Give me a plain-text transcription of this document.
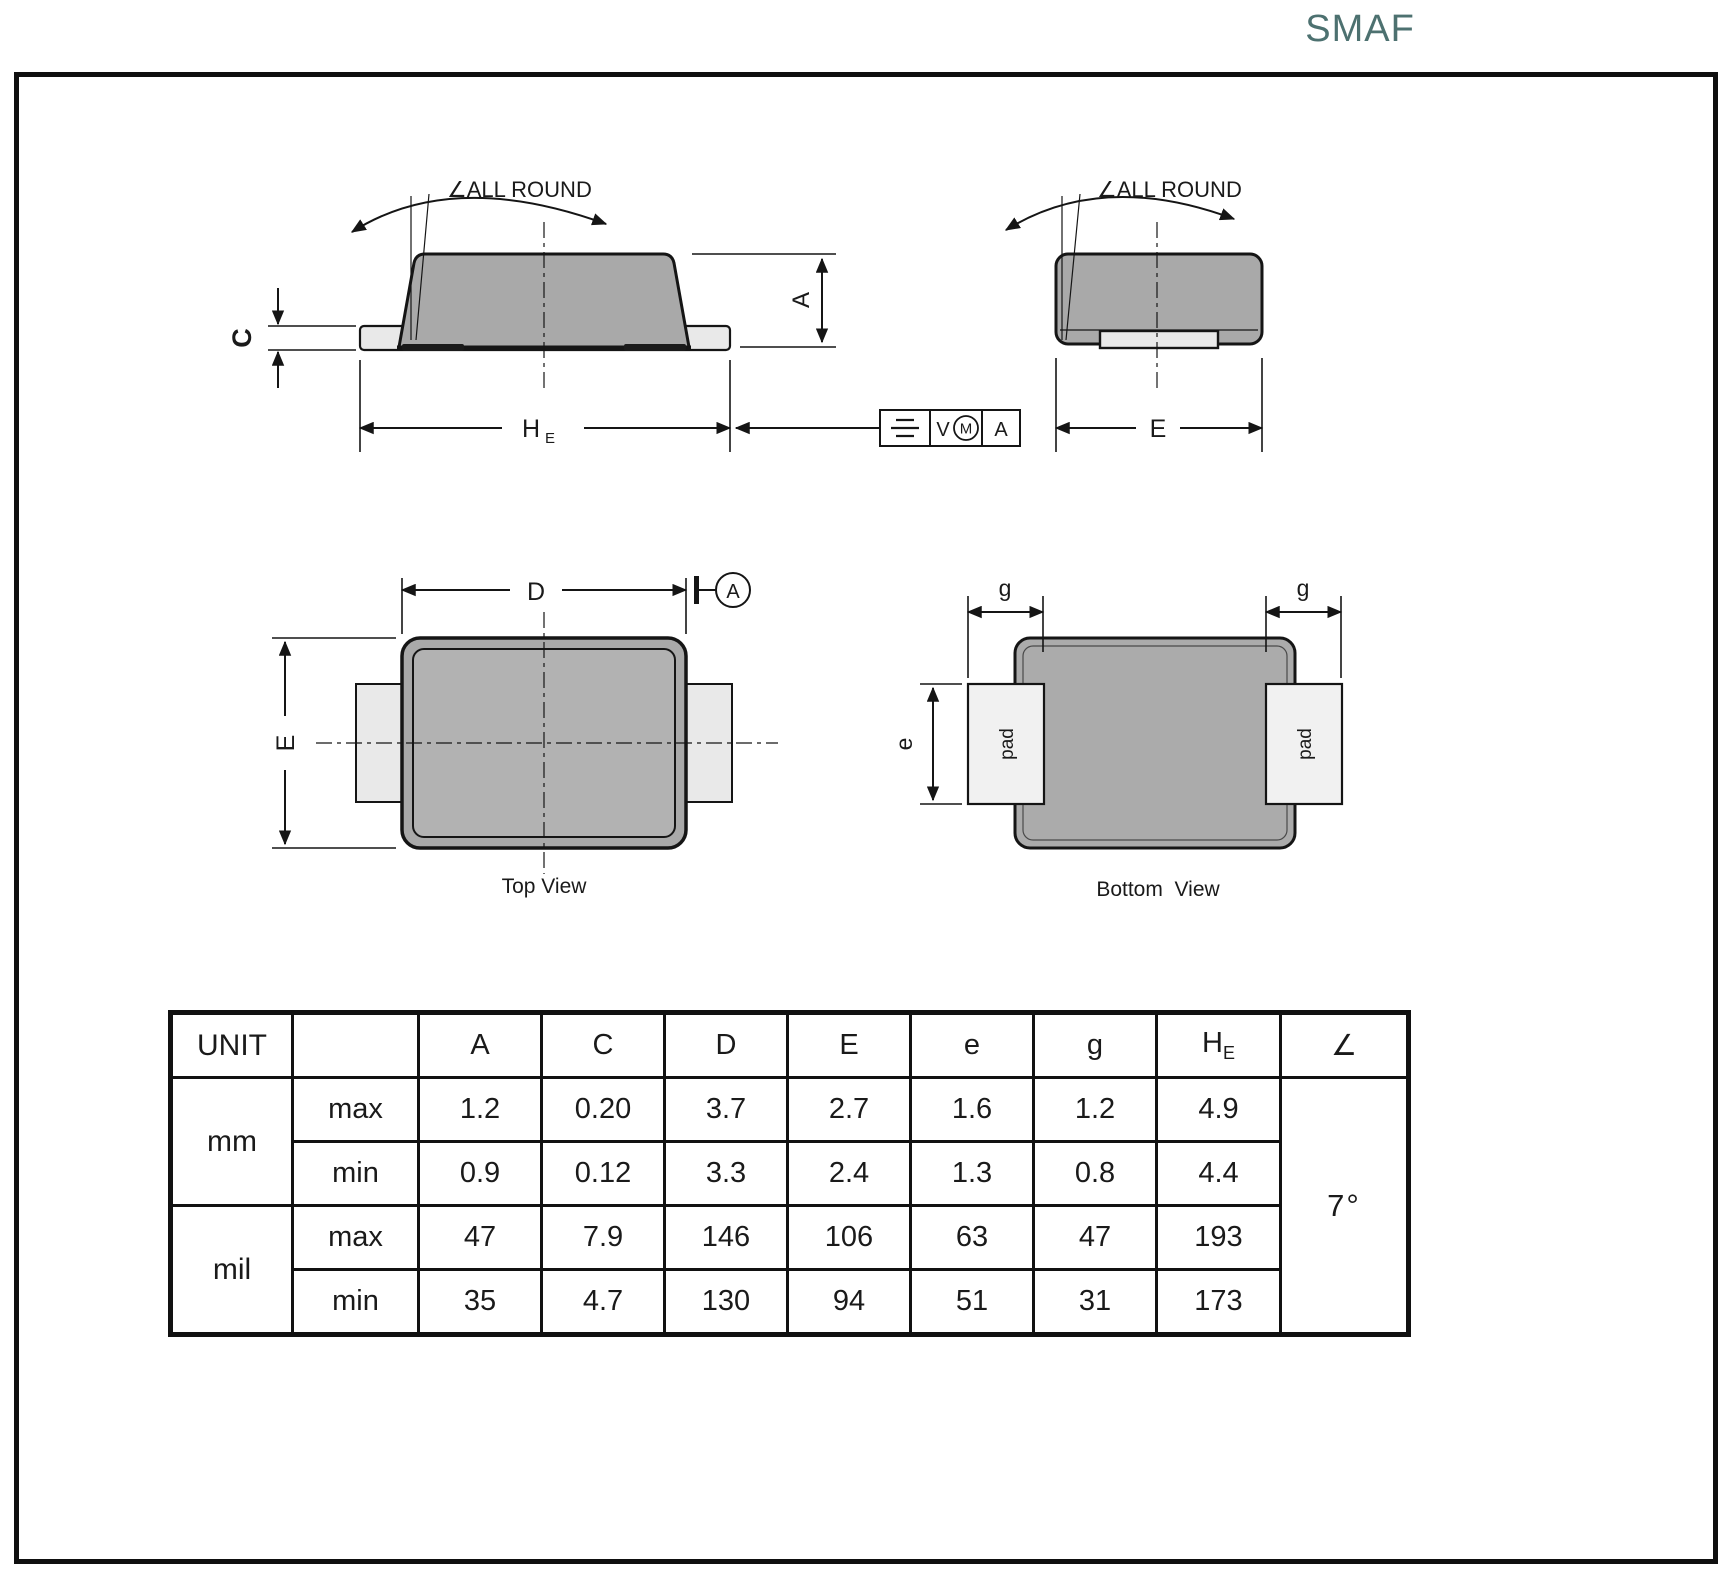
SMAF
∠ALL ROUND
C
A
H E	V M A
∠ALL ROUND
E
D	A
E
Top View
pad	pad
g	g
e
Bottom  View
UNIT		A	C	D	E	e	g	$H_E$	∠
mm	max	1.2	0.20	3.7	2.7	1.6	1.2	4.9	7°
	min	0.9	0.12	3.3	2.4	1.3	0.8	4.4	
mil	max	47	7.9	146	106	63	47	193	
	min	35	4.7	130	94	51	31	173	
